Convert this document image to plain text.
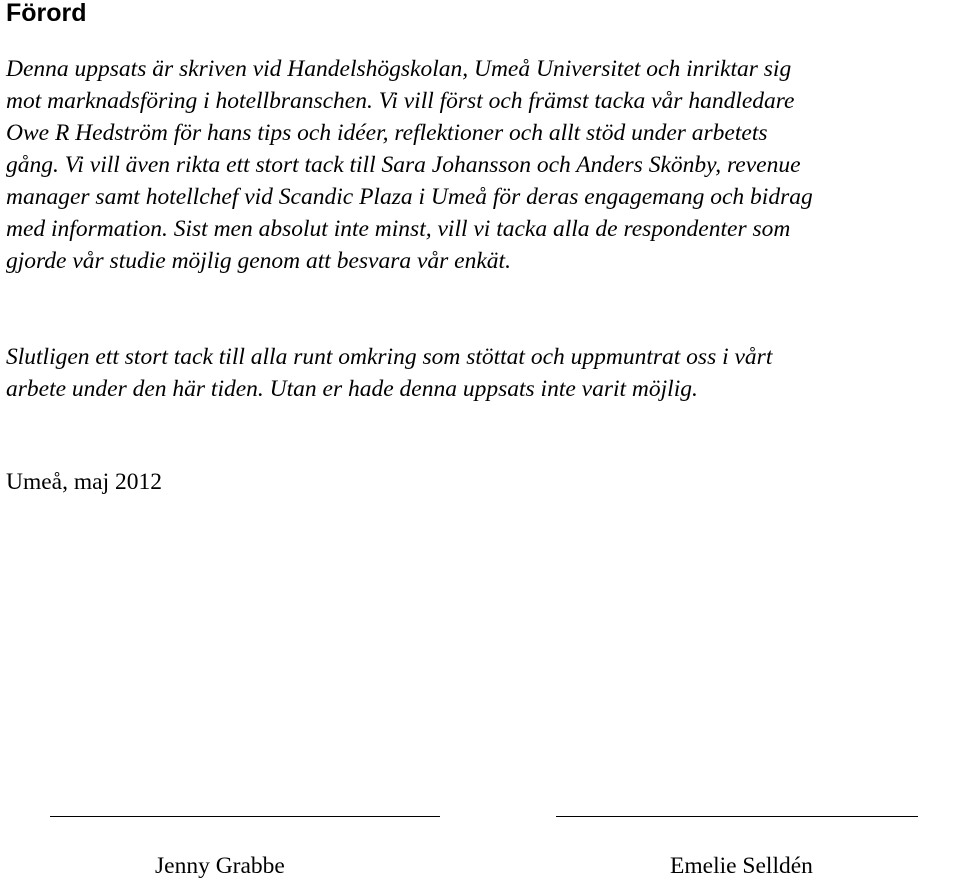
Förord
Denna uppsats är skriven vid Handelshögskolan, Umeå Universitet och inriktar sig
mot marknadsföring i hotellbranschen. Vi vill först och främst tacka vår handledare
Owe R Hedström för hans tips och idéer, reflektioner och allt stöd under arbetets
gång. Vi vill även rikta ett stort tack till Sara Johansson och Anders Skönby, revenue
manager samt hotellchef vid Scandic Plaza i Umeå för deras engagemang och bidrag
med information. Sist men absolut inte minst, vill vi tacka alla de respondenter som
gjorde vår studie möjlig genom att besvara vår enkät.
Slutligen ett stort tack till alla runt omkring som stöttat och uppmuntrat oss i vårt
arbete under den här tiden. Utan er hade denna uppsats inte varit möjlig.

Umeå, maj 2012

Jenny Grabbe	Emelie Selldén
